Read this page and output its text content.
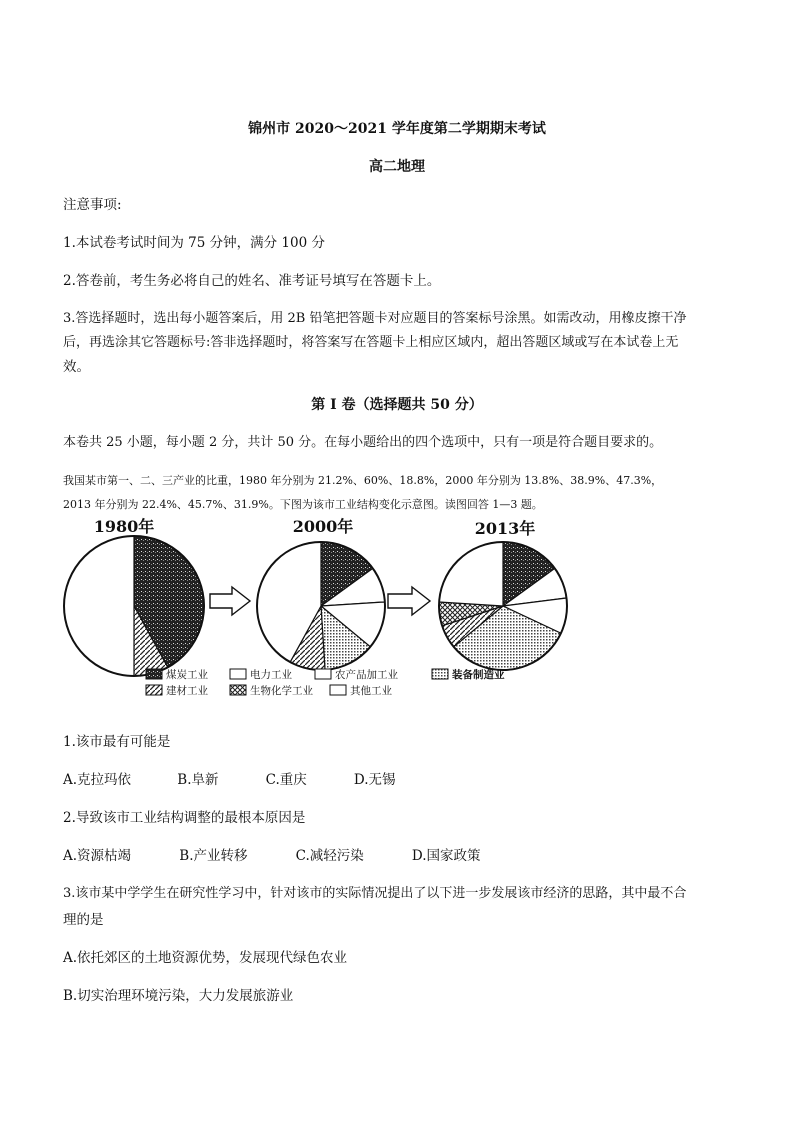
锦州市 2020～2021 学年度第二学期期末考试
高二地理
注意事项:
1.本试卷考试时间为 75 分钟，满分 100 分
2.答卷前，考生务必将自己的姓名、准考证号填写在答题卡上。
3.答选择题时，选出每小题答案后，用 2B 铅笔把答题卡对应题目的答案标号涂黑。如需改动，用橡皮擦干净
后，再选涂其它答题标号:答非选择题时，将答案写在答题卡上相应区域内，超出答题区域或写在本试卷上无
效。
第 I 卷（选择题共 50 分）
本卷共 25 小题，每小题 2 分，共计 50 分。在每小题给出的四个选项中，只有一项是符合题目要求的。
我国某市第一、二、三产业的比重，1980 年分别为 21.2%、60%、18.8%，2000 年分别为 13.8%、38.9%、47.3%，
2013 年分别为 22.4%、45.7%、31.9%。下图为该市工业结构变化示意图。读图回答 1—3 题。
1980年	2000年	2013年
煤炭工业	电力工业	农产品加工业	装备制造业
建材工业	生物化学工业	其他工业
1.该市最有可能是
A.克拉玛依	B.阜新	C.重庆	D.无锡
2.导致该市工业结构调整的最根本原因是
A.资源枯竭	B.产业转移	C.减轻污染	D.国家政策
3.该市某中学学生在研究性学习中，针对该市的实际情况提出了以下进一步发展该市经济的思路，其中最不合
理的是
A.依托郊区的土地资源优势，发展现代绿色农业
B.切实治理环境污染，大力发展旅游业
